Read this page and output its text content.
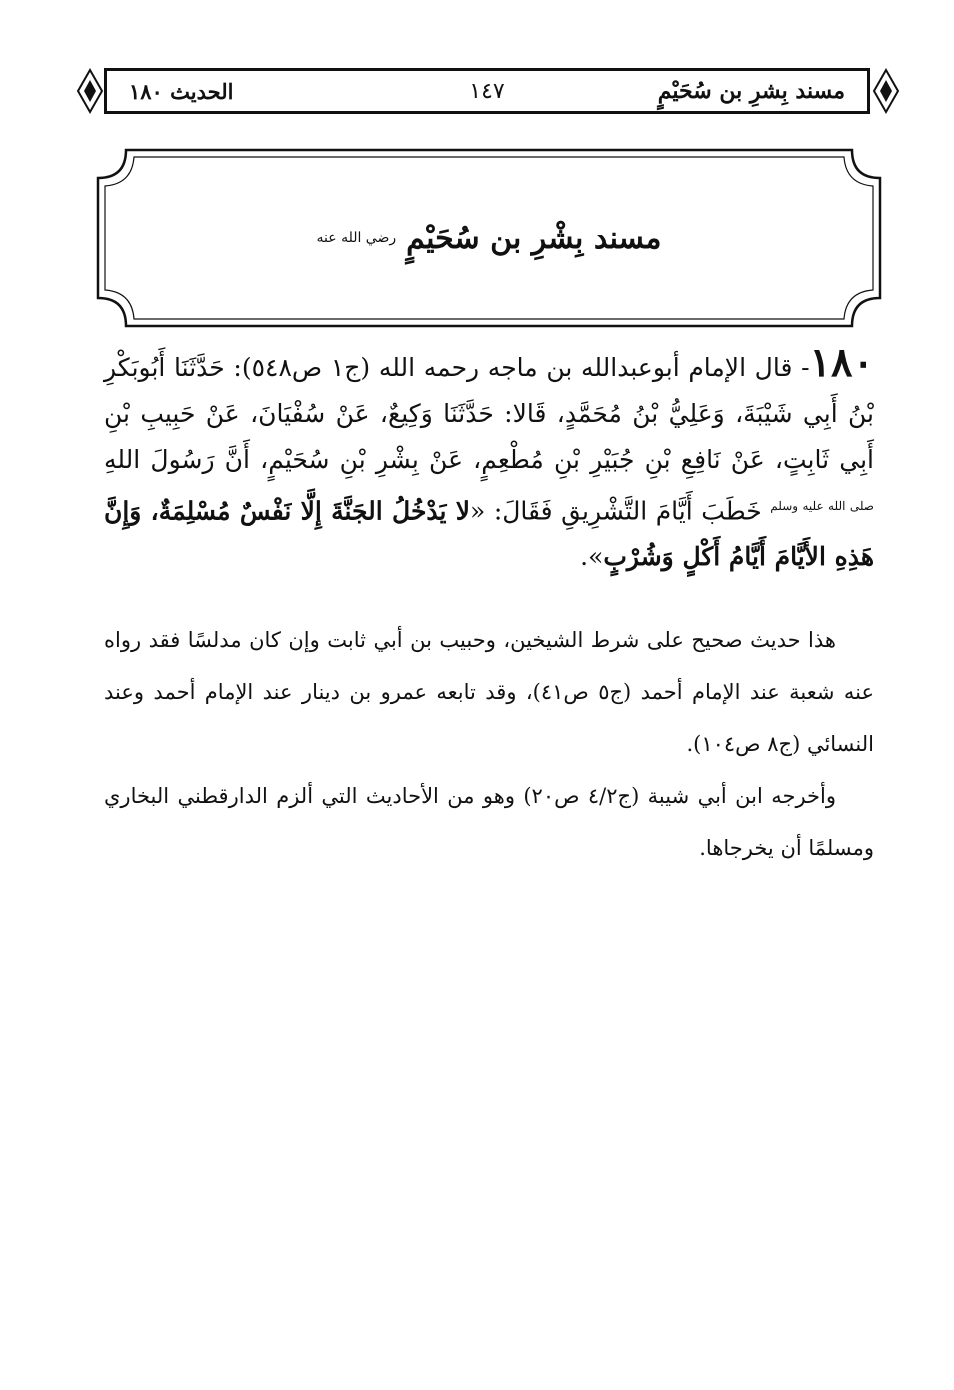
مسند بِشرِ بن سُحَيْمٍ
١٤٧
الحديث ١٨٠
مسند بِشْرِ بن سُحَيْمٍ
رضي الله عنه
١٨٠- قال الإمام أبوعبدالله بن ماجه رحمه الله (ج١ ص٥٤٨): حَدَّثَنَا أَبُوبَكْرِ بْنُ أَبِي شَيْبَةَ، وَعَلِيُّ بْنُ مُحَمَّدٍ، قَالا: حَدَّثَنَا وَكِيعٌ، عَنْ سُفْيَانَ، عَنْ حَبِيبِ بْنِ أَبِي ثَابِتٍ، عَنْ نَافِعِ بْنِ جُبَيْرِ بْنِ مُطْعِمٍ، عَنْ بِشْرِ بْنِ سُحَيْمٍ، أَنَّ رَسُولَ اللهِ $^{صلى الله عليه وسلم}$ خَطَبَ أَيَّامَ التَّشْرِيقِ فَقَالَ: «لا يَدْخُلُ الجَنَّةَ إِلَّا نَفْسٌ مُسْلِمَةٌ، وَإِنَّ هَذِهِ الأَيَّامَ أَيَّامُ أَكْلٍ وَشُرْبٍ».
هذا حديث صحيح على شرط الشيخين، وحبيب بن أبي ثابت وإن كان مدلسًا فقد رواه عنه شعبة عند الإمام أحمد (ج٥ ص٤١)، وقد تابعه عمرو بن دينار عند الإمام أحمد وعند النسائي (ج٨ ص١٠٤).
وأخرجه ابن أبي شيبة (ج٤/٢ ص٢٠) وهو من الأحاديث التي ألزم الدارقطني البخاري ومسلمًا أن يخرجاها.
